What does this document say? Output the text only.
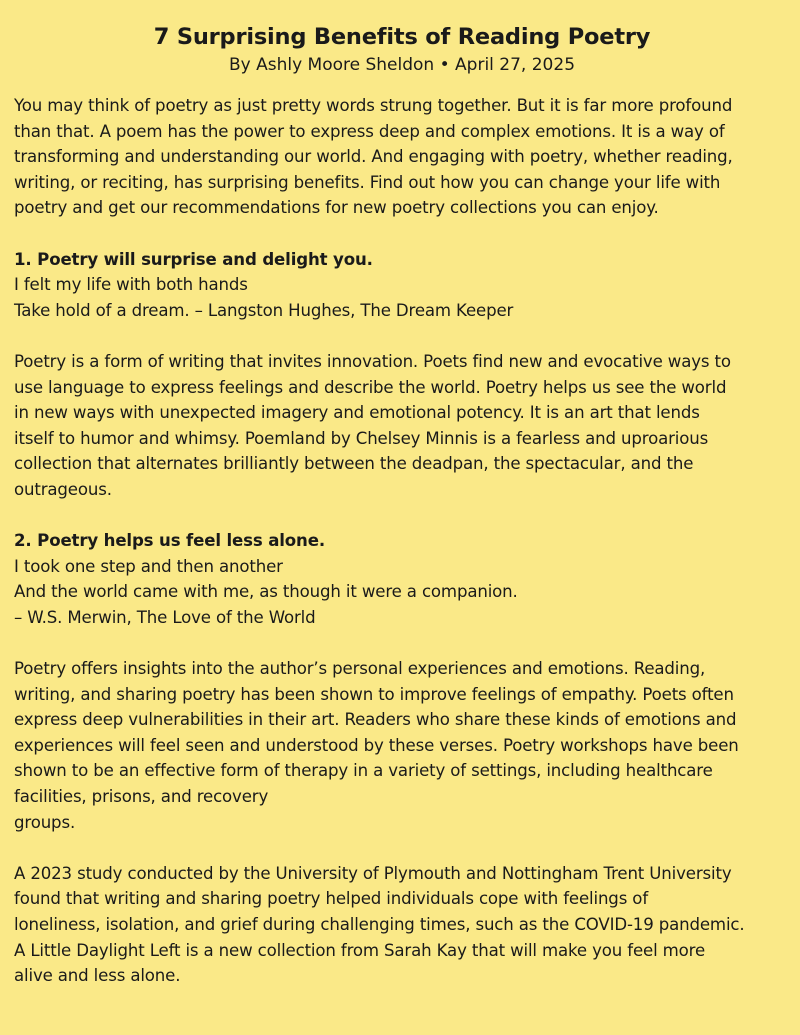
7 Surprising Benefits of Reading Poetry

By Ashly Moore Sheldon • April 27, 2025

You may think of poetry as just pretty words strung together. But it is far more profound
than that. A poem has the power to express deep and complex emotions. It is a way of
transforming and understanding our world. And engaging with poetry, whether reading,
writing, or reciting, has surprising benefits. Find out how you can change your life with
poetry and get our recommendations for new poetry collections you can enjoy.

1. Poetry will surprise and delight you.
I felt my life with both hands
Take hold of a dream. – Langston Hughes, The Dream Keeper

Poetry is a form of writing that invites innovation. Poets find new and evocative ways to
use language to express feelings and describe the world. Poetry helps us see the world
in new ways with unexpected imagery and emotional potency. It is an art that lends
itself to humor and whimsy. Poemland by Chelsey Minnis is a fearless and uproarious
collection that alternates brilliantly between the deadpan, the spectacular, and the
outrageous.

2. Poetry helps us feel less alone.
I took one step and then another
And the world came with me, as though it were a companion.
– W.S. Merwin, The Love of the World

Poetry offers insights into the author’s personal experiences and emotions. Reading,
writing, and sharing poetry has been shown to improve feelings of empathy. Poets often
express deep vulnerabilities in their art. Readers who share these kinds of emotions and
experiences will feel seen and understood by these verses. Poetry workshops have been
shown to be an effective form of therapy in a variety of settings, including healthcare
facilities, prisons, and recovery
groups.

A 2023 study conducted by the University of Plymouth and Nottingham Trent University
found that writing and sharing poetry helped individuals cope with feelings of
loneliness, isolation, and grief during challenging times, such as the COVID-19 pandemic.
A Little Daylight Left is a new collection from Sarah Kay that will make you feel more
alive and less alone.
